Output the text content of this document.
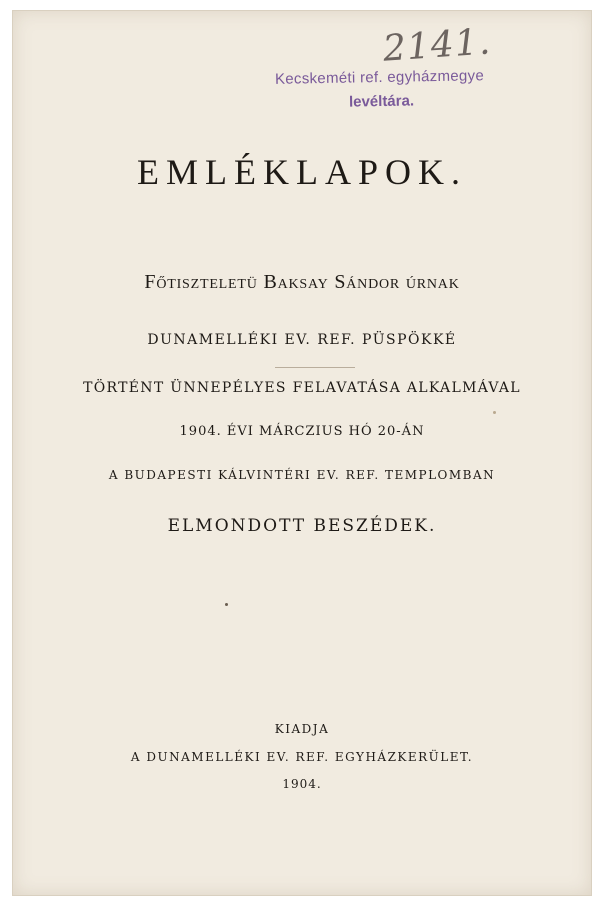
2141.
Kecskeméti ref. egyházmegye
levéltára.
EMLÉKLAPOK.
Főtiszteletü Baksay Sándor úrnak
DUNAMELLÉKI EV. REF. PÜSPÖKKÉ
TÖRTÉNT ÜNNEPÉLYES FELAVATÁSA ALKALMÁVAL
1904. ÉVI MÁRCZIUS HÓ 20-ÁN
A BUDAPESTI KÁLVINTÉRI EV. REF. TEMPLOMBAN
ELMONDOTT BESZÉDEK.
KIADJA
A DUNAMELLÉKI EV. REF. EGYHÁZKERÜLET.
1904.
